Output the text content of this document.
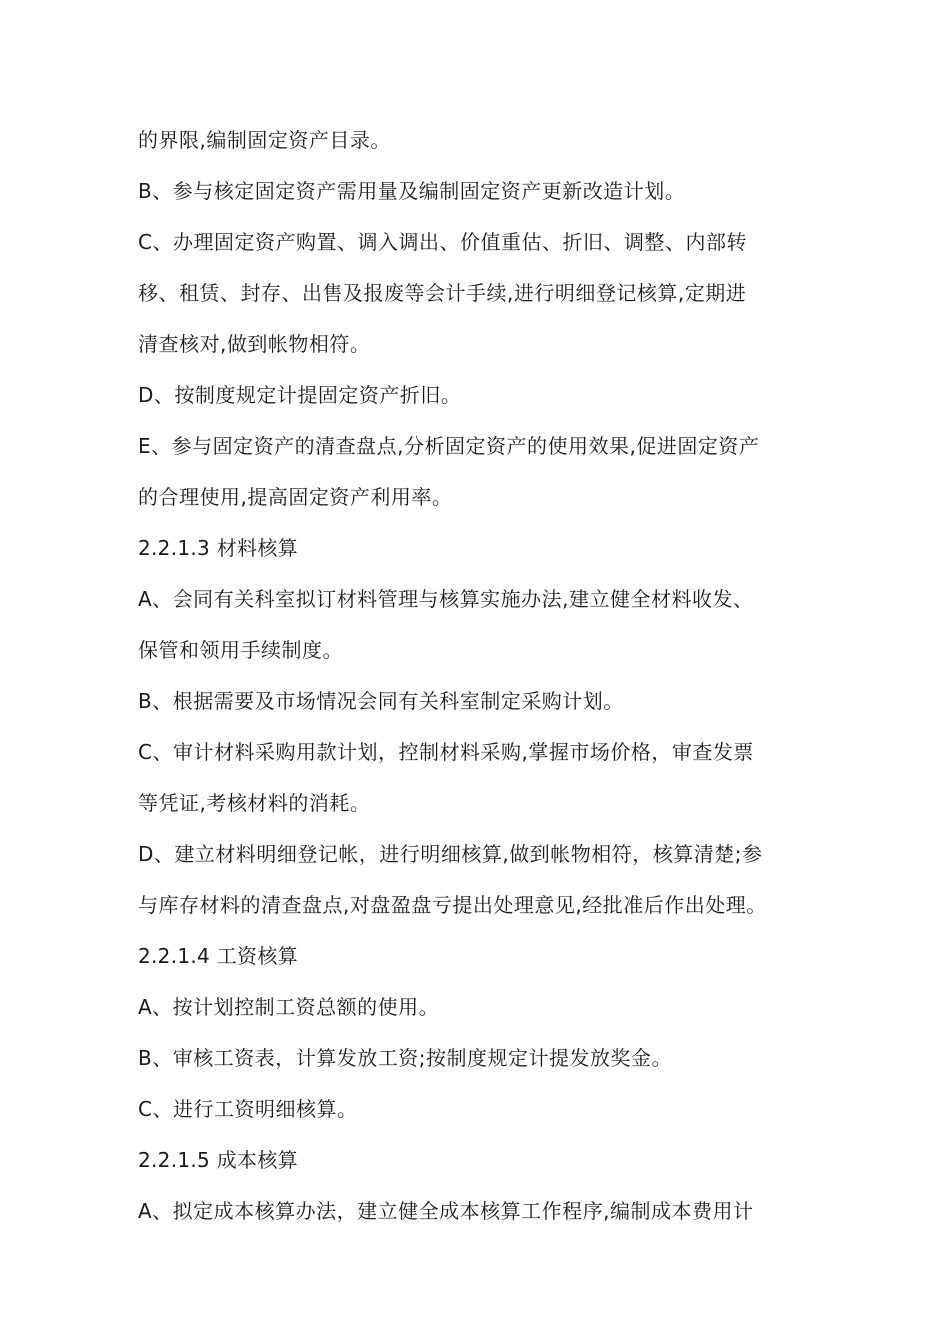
的界限,编制固定资产目录。
B、参与核定固定资产需用量及编制固定资产更新改造计划。
C、办理固定资产购置、调入调出、价值重估、折旧、调整、内部转
移、租赁、封存、出售及报废等会计手续,进行明细登记核算,定期进
清查核对,做到帐物相符。
D、按制度规定计提固定资产折旧。
E、参与固定资产的清查盘点,分析固定资产的使用效果,促进固定资产
的合理使用,提高固定资产利用率。
2.2.1.3 材料核算
A、会同有关科室拟订材料管理与核算实施办法,建立健全材料收发、
保管和领用手续制度。
B、根据需要及市场情况会同有关科室制定采购计划。
C、审计材料采购用款计划，控制材料采购,掌握市场价格，审查发票
等凭证,考核材料的消耗。
D、建立材料明细登记帐，进行明细核算,做到帐物相符，核算清楚;参
与库存材料的清查盘点,对盘盈盘亏提出处理意见,经批准后作出处理。
2.2.1.4 工资核算
A、按计划控制工资总额的使用。
B、审核工资表，计算发放工资;按制度规定计提发放奖金。
C、进行工资明细核算。
2.2.1.5 成本核算
A、拟定成本核算办法，建立健全成本核算工作程序,编制成本费用计
